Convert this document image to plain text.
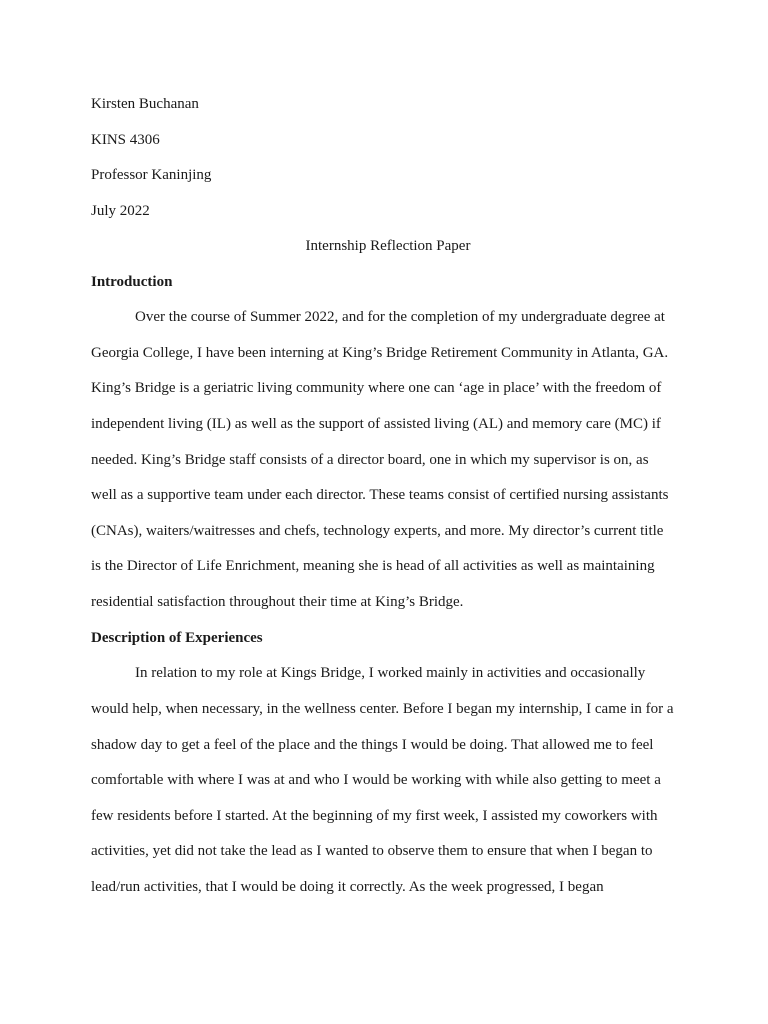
Kirsten Buchanan

KINS 4306

Professor Kaninjing

July 2022

Internship Reflection Paper

Introduction

Over the course of Summer 2022, and for the completion of my undergraduate degree at

Georgia College, I have been interning at King’s Bridge Retirement Community in Atlanta, GA.

King’s Bridge is a geriatric living community where one can ‘age in place’ with the freedom of

independent living (IL) as well as the support of assisted living (AL) and memory care (MC) if

needed. King’s Bridge staff consists of a director board, one in which my supervisor is on, as

well as a supportive team under each director. These teams consist of certified nursing assistants

(CNAs), waiters/waitresses and chefs, technology experts, and more. My director’s current title

is the Director of Life Enrichment, meaning she is head of all activities as well as maintaining

residential satisfaction throughout their time at King’s Bridge.

Description of Experiences

In relation to my role at Kings Bridge, I worked mainly in activities and occasionally

would help, when necessary, in the wellness center. Before I began my internship, I came in for a

shadow day to get a feel of the place and the things I would be doing. That allowed me to feel

comfortable with where I was at and who I would be working with while also getting to meet a

few residents before I started. At the beginning of my first week, I assisted my coworkers with

activities, yet did not take the lead as I wanted to observe them to ensure that when I began to

lead/run activities, that I would be doing it correctly. As the week progressed, I began
